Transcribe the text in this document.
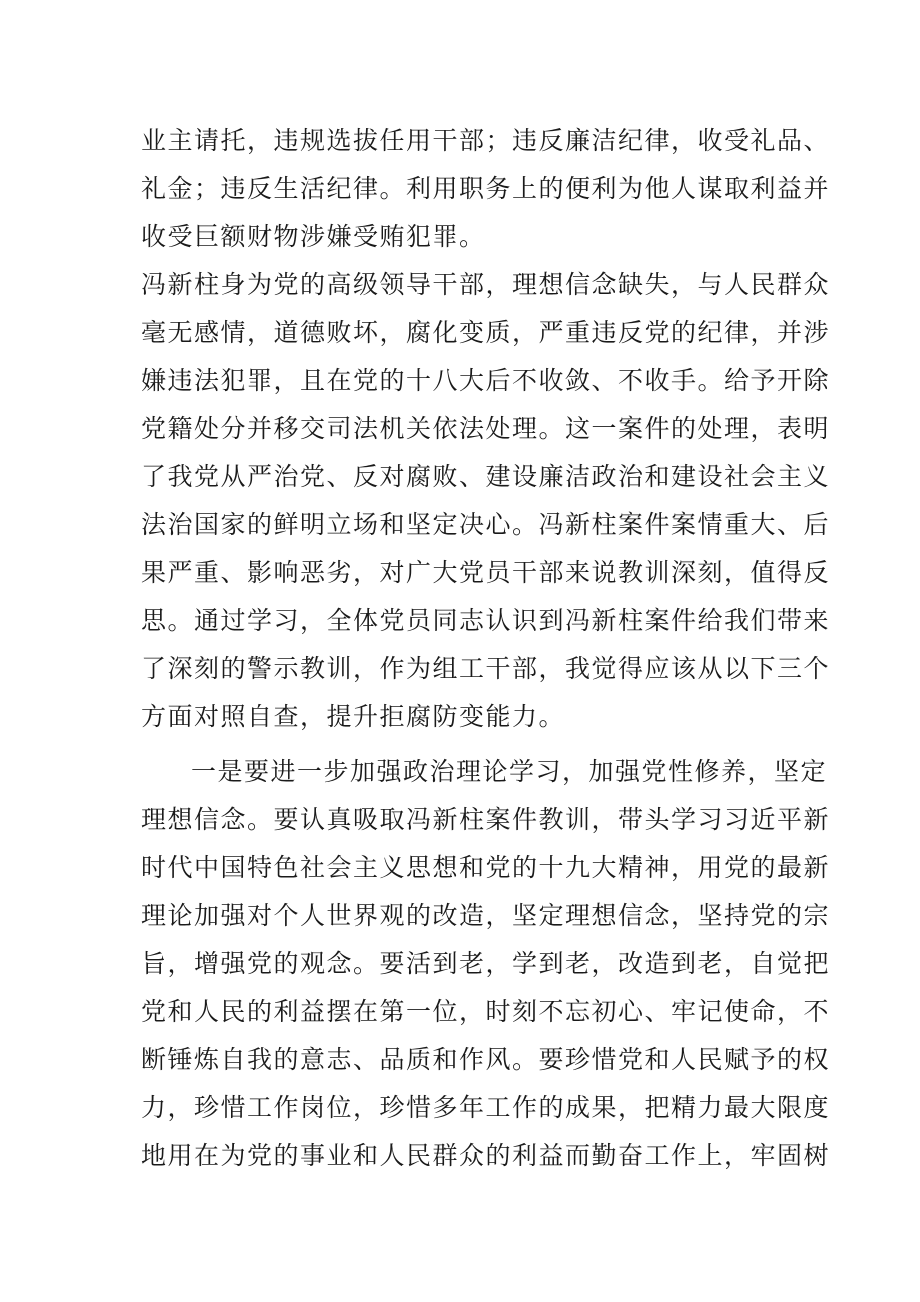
业主请托，违规选拔任用干部；违反廉洁纪律，收受礼品、
礼金；违反生活纪律。利用职务上的便利为他人谋取利益并
收受巨额财物涉嫌受贿犯罪。
冯新柱身为党的高级领导干部，理想信念缺失，与人民群众
毫无感情，道德败坏，腐化变质，严重违反党的纪律，并涉
嫌违法犯罪，且在党的十八大后不收敛、不收手。给予开除
党籍处分并移交司法机关依法处理。这一案件的处理，表明
了我党从严治党、反对腐败、建设廉洁政治和建设社会主义
法治国家的鲜明立场和坚定决心。冯新柱案件案情重大、后
果严重、影响恶劣，对广大党员干部来说教训深刻，值得反
思。通过学习，全体党员同志认识到冯新柱案件给我们带来
了深刻的警示教训，作为组工干部，我觉得应该从以下三个
方面对照自查，提升拒腐防变能力。
一是要进一步加强政治理论学习，加强党性修养，坚定
理想信念。要认真吸取冯新柱案件教训，带头学习习近平新
时代中国特色社会主义思想和党的十九大精神，用党的最新
理论加强对个人世界观的改造，坚定理想信念，坚持党的宗
旨，增强党的观念。要活到老，学到老，改造到老，自觉把
党和人民的利益摆在第一位，时刻不忘初心、牢记使命，不
断锤炼自我的意志、品质和作风。要珍惜党和人民赋予的权
力，珍惜工作岗位，珍惜多年工作的成果，把精力最大限度
地用在为党的事业和人民群众的利益而勤奋工作上，牢固树
